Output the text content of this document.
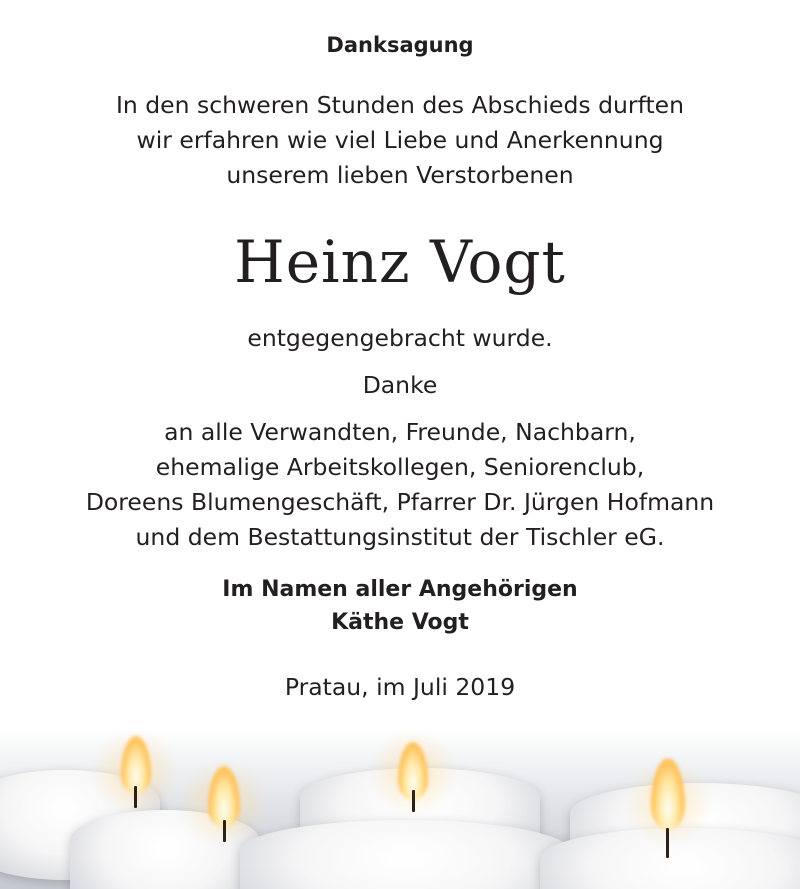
Danksagung
In den schweren Stunden des Abschieds durften
wir erfahren wie viel Liebe und Anerkennung
unserem lieben Verstorbenen
Heinz Vogt
entgegengebracht wurde.
Danke
an alle Verwandten, Freunde, Nachbarn,
ehemalige Arbeitskollegen, Seniorenclub,
Doreens Blumengeschäft, Pfarrer Dr. Jürgen Hofmann
und dem Bestattungsinstitut der Tischler eG.
Im Namen aller Angehörigen
Käthe Vogt
Pratau, im Juli 2019
